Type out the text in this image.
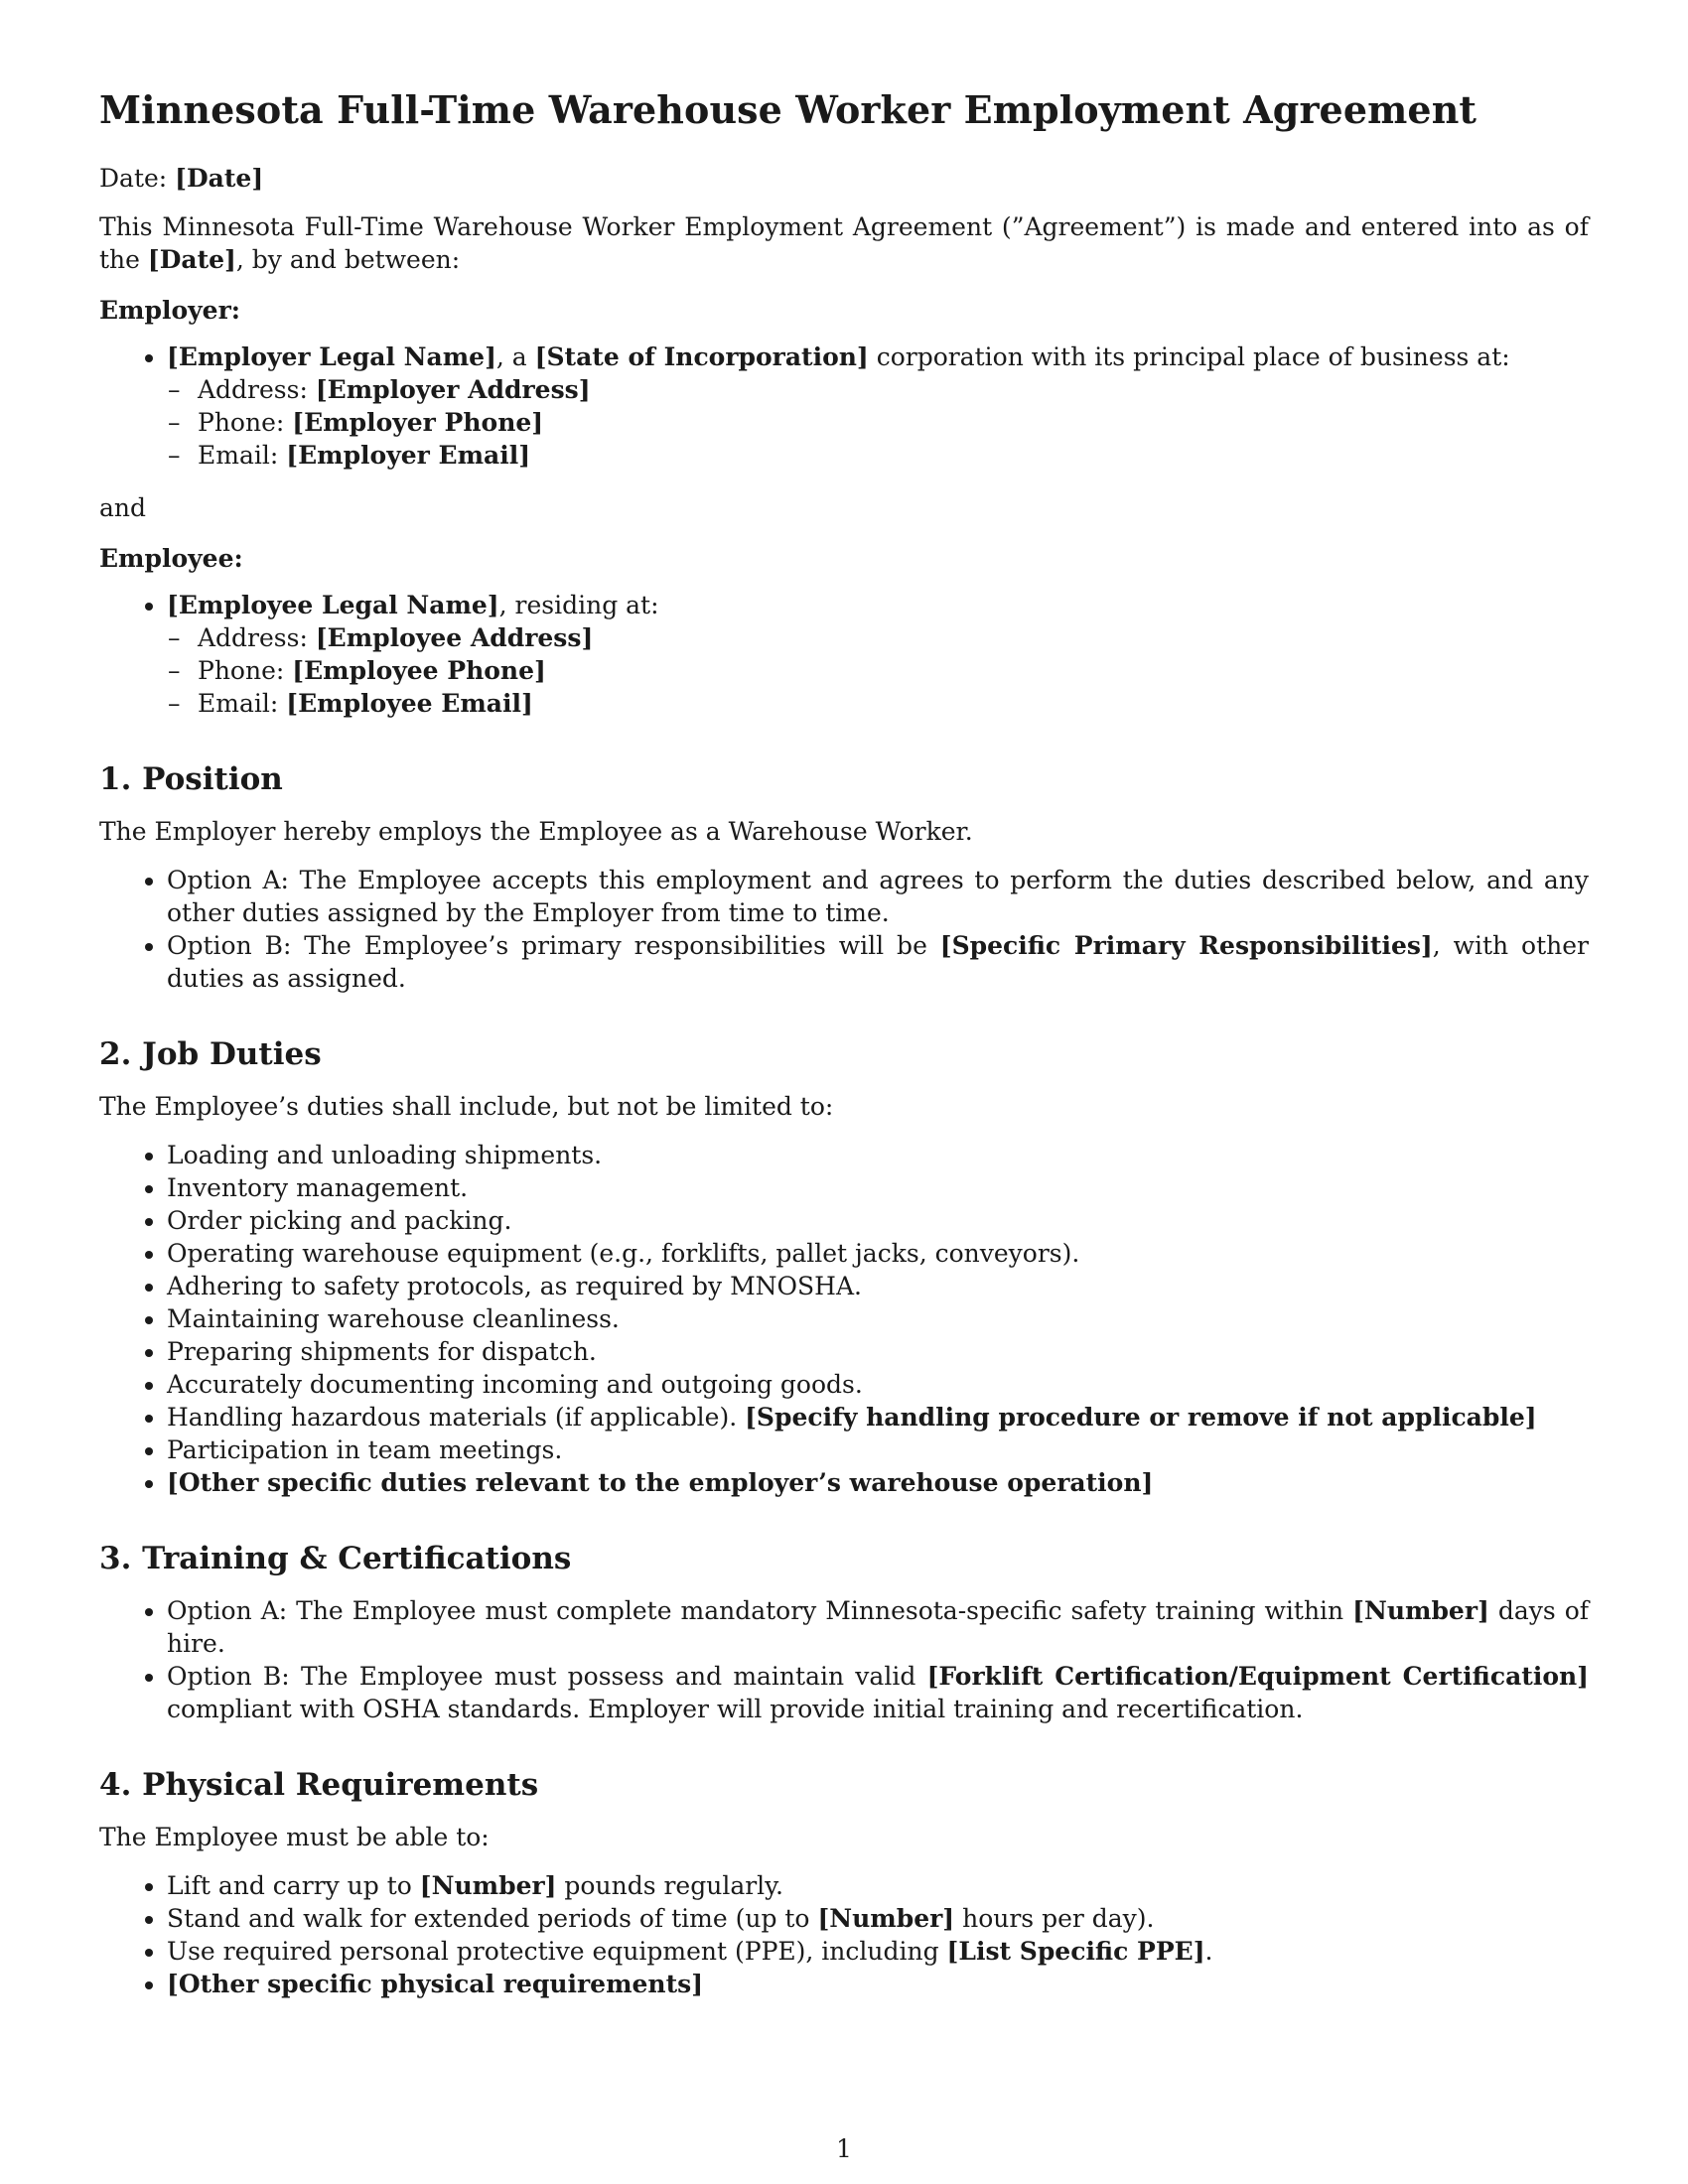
Minnesota Full-Time Warehouse Worker Employment Agreement
Date: [Date]
This Minnesota Full-Time Warehouse Worker Employment Agreement (”Agreement”) is made and entered into as of the [Date], by and between:
Employer:
• [Employer Legal Name], a [State of Incorporation] corporation with its principal place of business at:
– Address: [Employer Address]
– Phone: [Employer Phone]
– Email: [Employer Email]
and
Employee:
• [Employee Legal Name], residing at:
– Address: [Employee Address]
– Phone: [Employee Phone]
– Email: [Employee Email]
1. Position
The Employer hereby employs the Employee as a Warehouse Worker.
• Option A: The Employee accepts this employment and agrees to perform the duties described below, and any other duties assigned by the Employer from time to time.
• Option B: The Employee’s primary responsibilities will be [Specific Primary Responsibilities], with other duties as assigned.
2. Job Duties
The Employee’s duties shall include, but not be limited to:
• Loading and unloading shipments.
• Inventory management.
• Order picking and packing.
• Operating warehouse equipment (e.g., forklifts, pallet jacks, conveyors).
• Adhering to safety protocols, as required by MNOSHA.
• Maintaining warehouse cleanliness.
• Preparing shipments for dispatch.
• Accurately documenting incoming and outgoing goods.
• Handling hazardous materials (if applicable). [Specify handling procedure or remove if not applicable]
• Participation in team meetings.
• [Other specific duties relevant to the employer’s warehouse operation]
3. Training & Certifications
• Option A: The Employee must complete mandatory Minnesota-specific safety training within [Number] days of hire.
• Option B: The Employee must possess and maintain valid [Forklift Certification/Equipment Certification] compliant with OSHA standards. Employer will provide initial training and recertification.
4. Physical Requirements
The Employee must be able to:
• Lift and carry up to [Number] pounds regularly.
• Stand and walk for extended periods of time (up to [Number] hours per day).
• Use required personal protective equipment (PPE), including [List Specific PPE].
• [Other specific physical requirements]
1
